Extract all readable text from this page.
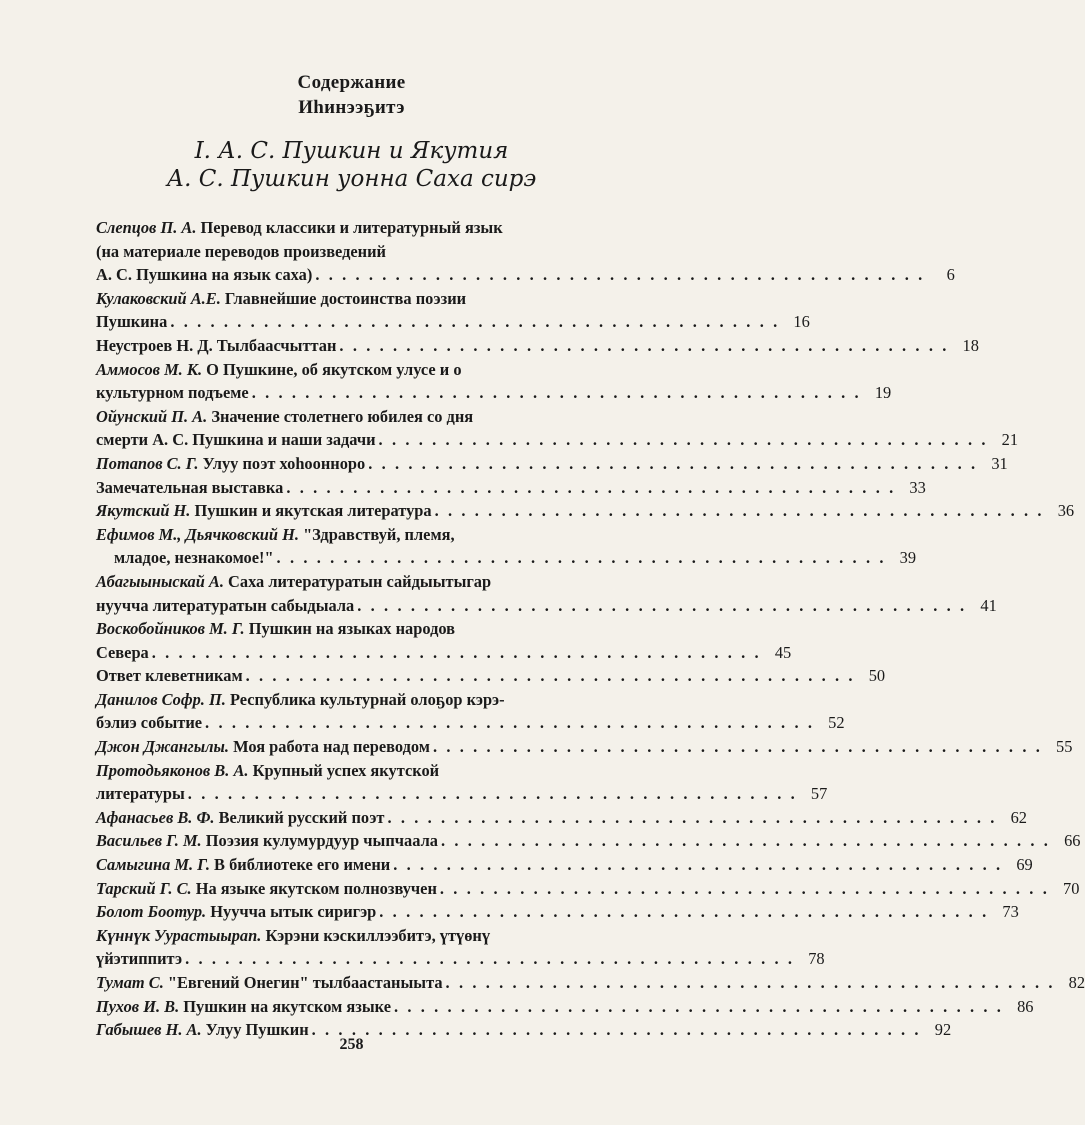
Содержание
Иһинээҕитэ
I. А. С. Пушкин и Якутия
А. С. Пушкин уонна Саха сирэ
Слепцов П. А. Перевод классики и литературный язык
(на материале переводов произведений
А. С. Пушкина на язык саха) . . . . . . . . . . . . . . . . . . . . . . . . . . . . . . . . . . . . . . . . . . . . . .	6
Кулаковский А.Е. Главнейшие достоинства поэзии
Пушкина . . . . . . . . . . . . . . . . . . . . . . . . . . . . . . . . . . . . . . . . . . . . . . 16
Неустроев Н. Д. Тылбаасчыттан . . . . . . . . . . . . . . . . . . . . . . . . . . . . . . . . . . . . . . . . . . . . . . 18
Аммосов М. К. О Пушкине, об якутском улусе и о
культурном подъеме . . . . . . . . . . . . . . . . . . . . . . . . . . . . . . . . . . . . . . . . . . . . . . 19
Ойунский П. А. Значение столетнего юбилея со дня
смерти А. С. Пушкина и наши задачи . . . . . . . . . . . . . . . . . . . . . . . . . . . . . . . . . . . . . . . . . . . . . . 21
Потапов С. Г. Улуу поэт хоһоонноро . . . . . . . . . . . . . . . . . . . . . . . . . . . . . . . . . . . . . . . . . . . . . . 31
Замечательная выставка . . . . . . . . . . . . . . . . . . . . . . . . . . . . . . . . . . . . . . . . . . . . . . 33
Якутский Н. Пушкин и якутская литература . . . . . . . . . . . . . . . . . . . . . . . . . . . . . . . . . . . . . . . . . . . . . . 36
Ефимов М., Дьячковский Н. "Здравствуй, племя,
младое, незнакомое!" . . . . . . . . . . . . . . . . . . . . . . . . . . . . . . . . . . . . . . . . . . . . . . 39
Абагыыныскай А. Саха литературатын сайдыытыгар
нуучча литературатын сабыдыала . . . . . . . . . . . . . . . . . . . . . . . . . . . . . . . . . . . . . . . . . . . . . . 41
Воскобойников М. Г. Пушкин на языках народов
Севера . . . . . . . . . . . . . . . . . . . . . . . . . . . . . . . . . . . . . . . . . . . . . . 45
Ответ клеветникам . . . . . . . . . . . . . . . . . . . . . . . . . . . . . . . . . . . . . . . . . . . . . . 50
Данилов Софр. П. Республика культурнай олоҕор кэрэ-
бэлиэ событие . . . . . . . . . . . . . . . . . . . . . . . . . . . . . . . . . . . . . . . . . . . . . . 52
Джон Джангылы. Моя работа над переводом . . . . . . . . . . . . . . . . . . . . . . . . . . . . . . . . . . . . . . . . . . . . . . 55
Протодьяконов В. А. Крупный успех якутской
литературы . . . . . . . . . . . . . . . . . . . . . . . . . . . . . . . . . . . . . . . . . . . . . . 57
Афанасьев В. Ф. Великий русский поэт . . . . . . . . . . . . . . . . . . . . . . . . . . . . . . . . . . . . . . . . . . . . . . 62
Васильев Г. М. Поэзия кулумурдуур чыпчаала . . . . . . . . . . . . . . . . . . . . . . . . . . . . . . . . . . . . . . . . . . . . . . 66
Самыгина М. Г. В библиотеке его имени . . . . . . . . . . . . . . . . . . . . . . . . . . . . . . . . . . . . . . . . . . . . . . 69
Тарский Г. С. На языке якутском полнозвучен . . . . . . . . . . . . . . . . . . . . . . . . . . . . . . . . . . . . . . . . . . . . . . 70
Болот Боотур. Нуучча ытык сиригэр . . . . . . . . . . . . . . . . . . . . . . . . . . . . . . . . . . . . . . . . . . . . . . 73
Күннүк Уурастыырап. Кэрэни кэскиллээбитэ, үтүөнү
үйэтиппитэ . . . . . . . . . . . . . . . . . . . . . . . . . . . . . . . . . . . . . . . . . . . . . . 78
Тумат С. "Евгений Онегин" тылбаастаныыта . . . . . . . . . . . . . . . . . . . . . . . . . . . . . . . . . . . . . . . . . . . . . . 82
Пухов И. В. Пушкин на якутском языке . . . . . . . . . . . . . . . . . . . . . . . . . . . . . . . . . . . . . . . . . . . . . . 86
Габышев Н. А. Улуу Пушкин . . . . . . . . . . . . . . . . . . . . . . . . . . . . . . . . . . . . . . . . . . . . . . 92
258
